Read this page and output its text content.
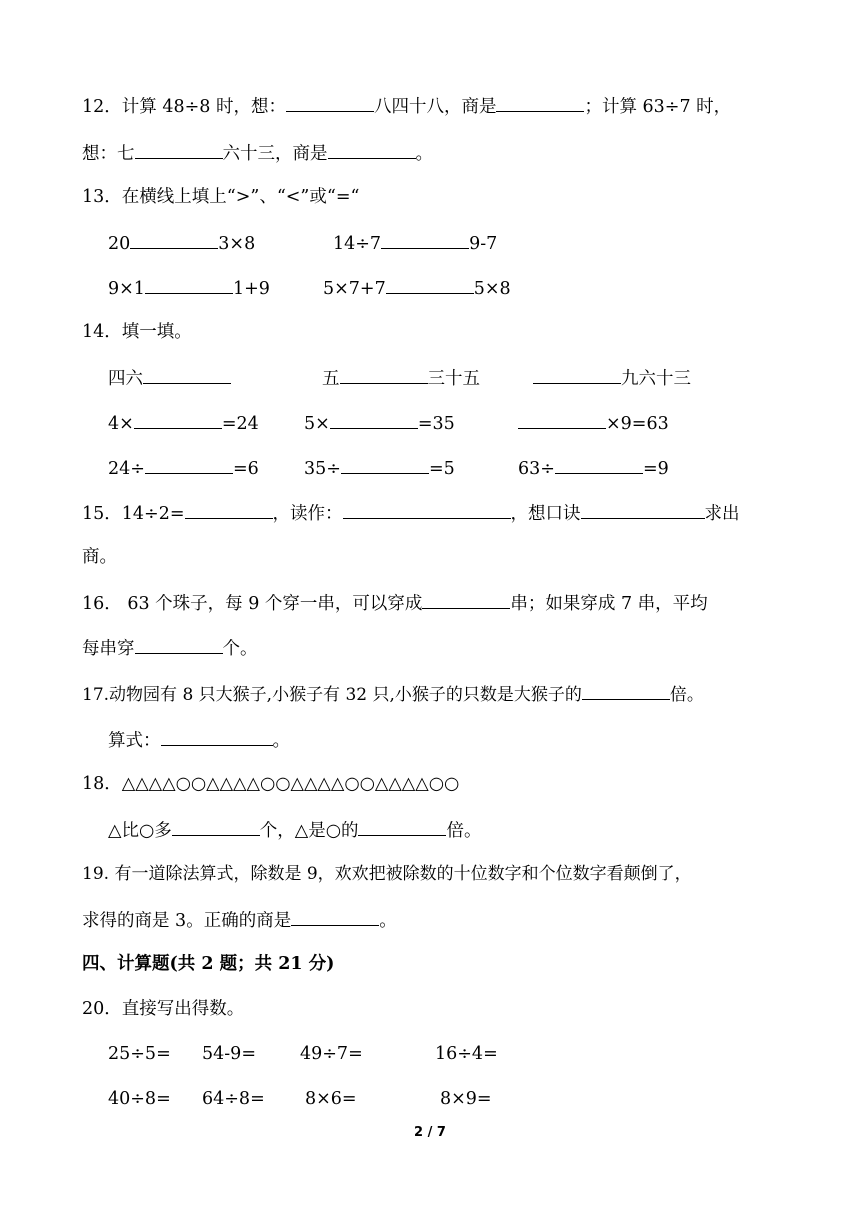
12．计算 48÷8 时，想：	八四十八，商是	；计算 63÷7 时，
想：七	六十三，商是	。
13．在横线上填上“>”、“<”或“=“
20	3×8	14÷7	9-7
9×1	1+9	5×7+7	5×8
14．填一填。
四六	五	三十五	九六十三
4×	=24	5×	=35	×9=63
24÷	=6	35÷	=5	63÷	=9
15．14÷2=	，读作：	，想口诀	求出
商。
16． 63 个珠子，每 9 个穿一串，可以穿成	串；如果穿成 7 串，平均
每串穿	个。
17.动物园有 8 只大猴子,小猴子有 32 只,小猴子的只数是大猴子的	倍。
算式：	。
18．△△△△○○△△△△○○△△△△○○△△△△○○
△比○多	个，△是○的	倍。
19. 有一道除法算式，除数是 9，欢欢把被除数的十位数字和个位数字看颠倒了，
求得的商是 3。正确的商是	。
四、计算题(共 2 题；共 21 分)
20．直接写出得数。
25÷5= 54-9=	49÷7=	16÷4=
40÷8= 64÷8= 8×6=	8×9=
2 / 7
